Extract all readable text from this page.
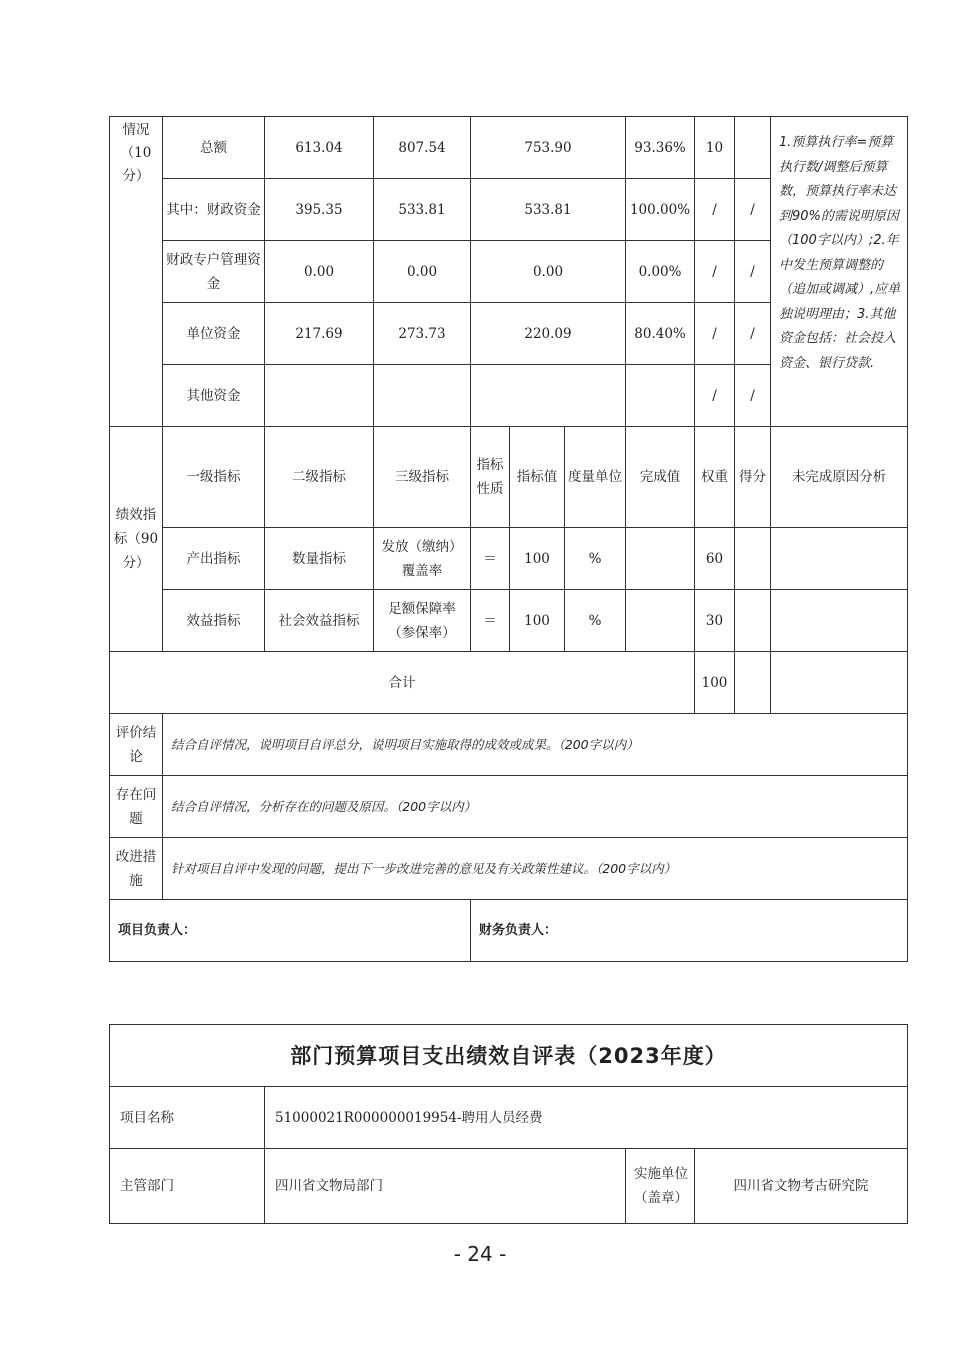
情况（10分）	总额	613.04	807.54	753.90			93.36%	10		1.预算执行率=预算执行数/调整后预算数，预算执行率未达到90%的需说明原因（100字以内）;2.年中发生预算调整的（追加或调减）,应单独说明理由；3.其他资金包括：社会投入资金、银行贷款.
	其中：财政资金	395.35	533.81	533.81			100.00%	/	/	
	财政专户管理资金	0.00	0.00	0.00			0.00%	/	/	
	单位资金	217.69	273.73	220.09			80.40%	/	/	
	其他资金							/	/	
绩效指标（90分）	一级指标	二级指标	三级指标	指标性质	指标值	度量单位	完成值	权重	得分	未完成原因分析
	产出指标	数量指标	发放（缴纳）覆盖率	＝	100	%		60		
	效益指标	社会效益指标	足额保障率（参保率）	＝	100	%		30		
合计								100		
评价结论	结合自评情况，说明项目自评总分，说明项目实施取得的成效或成果。（200字以内）									
存在问题	结合自评情况，分析存在的问题及原因。（200字以内）									
改进措施	针对项目自评中发现的问题，提出下一步改进完善的意见及有关政策性建议。（200字以内）									
项目负责人：				财务负责人：						
部门预算项目支出绩效自评表（2023年度）			
项目名称	51000021R000000019954-聘用人员经费		
主管部门	四川省文物局部门	实施单位（盖章）	四川省文物考古研究院
- 24 -
